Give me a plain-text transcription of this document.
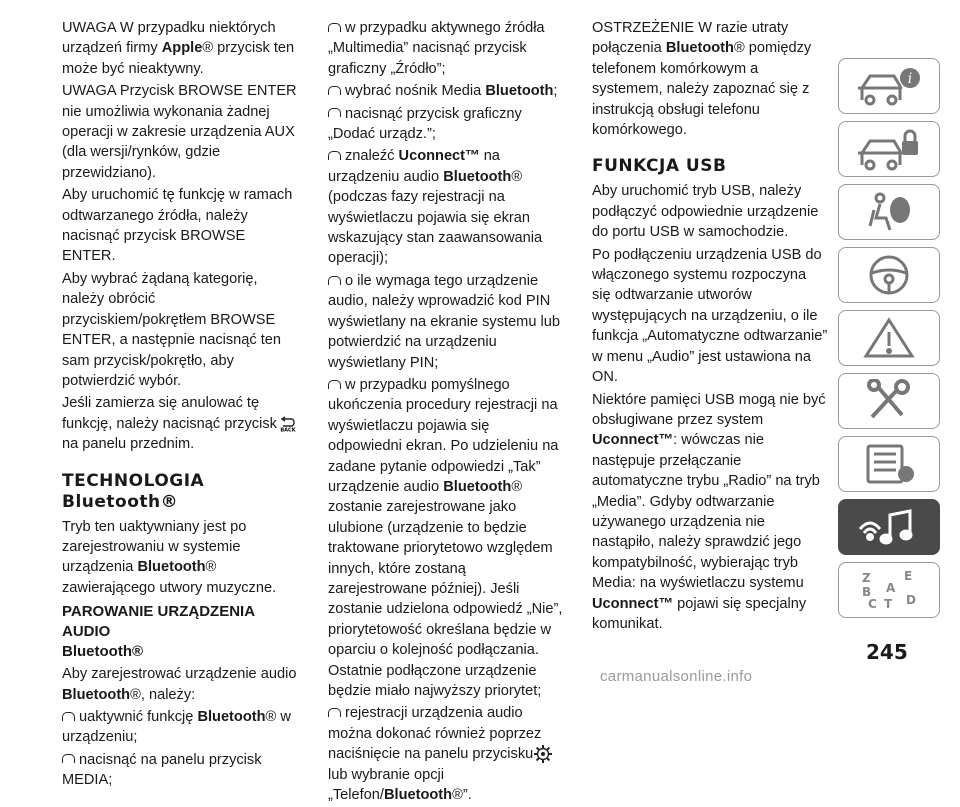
UWAGA W przypadku niektórych urządzeń firmy Apple® przycisk ten może być nieaktywny.

UWAGA Przycisk BROWSE ENTER nie umożliwia wykonania żadnej operacji w zakresie urządzenia AUX (dla wersji/rynków, gdzie przewidziano).

Aby uruchomić tę funkcję w ramach odtwarzanego źródła, należy nacisnąć przycisk BROWSE ENTER.

Aby wybrać żądaną kategorię, należy obrócić przyciskiem/pokrętłem BROWSE ENTER, a następnie nacisnąć ten sam przycisk/pokrętło, aby potwierdzić wybór.

Jeśli zamierza się anulować tę funkcję, należy nacisnąć przycisk BACK
na panelu przednim.

TECHNOLOGIA
Bluetooth®

Tryb ten uaktywniany jest po zarejestrowaniu w systemie urządzenia Bluetooth® zawierającego utwory muzyczne.

PAROWANIE URZĄDZENIA AUDIO
Bluetooth®

Aby zarejestrować urządzenie audio Bluetooth®, należy:

uaktywnić funkcję Bluetooth® w urządzeniu;

nacisnąć na panelu przycisk MEDIA;

w przypadku aktywnego źródła „Multimedia” nacisnąć przycisk graficzny „Źródło”;

wybrać nośnik Media Bluetooth;

nacisnąć przycisk graficzny „Dodać urządz.”;

znaleźć Uconnect™ na urządzeniu audio Bluetooth® (podczas fazy rejestracji na wyświetlaczu pojawia się ekran wskazujący stan zaawansowania operacji);

o ile wymaga tego urządzenie audio, należy wprowadzić kod PIN wyświetlany na ekranie systemu lub potwierdzić na urządzeniu wyświetlany PIN;

w przypadku pomyślnego ukończenia procedury rejestracji na wyświetlaczu pojawia się odpowiedni ekran. Po udzieleniu na zadane pytanie odpowiedzi „Tak” urządzenie audio Bluetooth® zostanie zarejestrowane jako ulubione (urządzenie to będzie traktowane priorytetowo względem innych, które zostaną zarejestrowane później). Jeśli zostanie udzielona odpowiedź „Nie”, priorytetowość określana będzie w oparciu o kolejność podłączania. Ostatnie podłączone urządzenie będzie miało najwyższy priorytet;

rejestracji urządzenia audio można dokonać również poprzez naciśnięcie na panelu przycisku lub wybranie opcji „Telefon/Bluetooth®”.

OSTRZEŻENIE W razie utraty połączenia Bluetooth® pomiędzy telefonem komórkowym a systemem, należy zapoznać się z instrukcją obsługi telefonu komórkowego.

FUNKCJA USB

Aby uruchomić tryb USB, należy podłączyć odpowiednie urządzenie do portu USB w samochodzie.

Po podłączeniu urządzenia USB do włączonego systemu rozpoczyna się odtwarzanie utworów występujących na urządzeniu, o ile funkcja „Automatyczne odtwarzanie” w menu „Audio” jest ustawiona na ON.

Niektóre pamięci USB mogą nie być obsługiwane przez system Uconnect™: wówczas nie następuje przełączanie automatyczne trybu „Radio” na tryb „Media”. Gdyby odtwarzanie używanego urządzenia nie nastąpiło, należy sprawdzić jego kompatybilność, wybierając tryb Media: na wyświetlaczu systemu Uconnect™ pojawi się specjalny komunikat.

i
Z	E
A
B
C T D
245
carmanualsonline.info
